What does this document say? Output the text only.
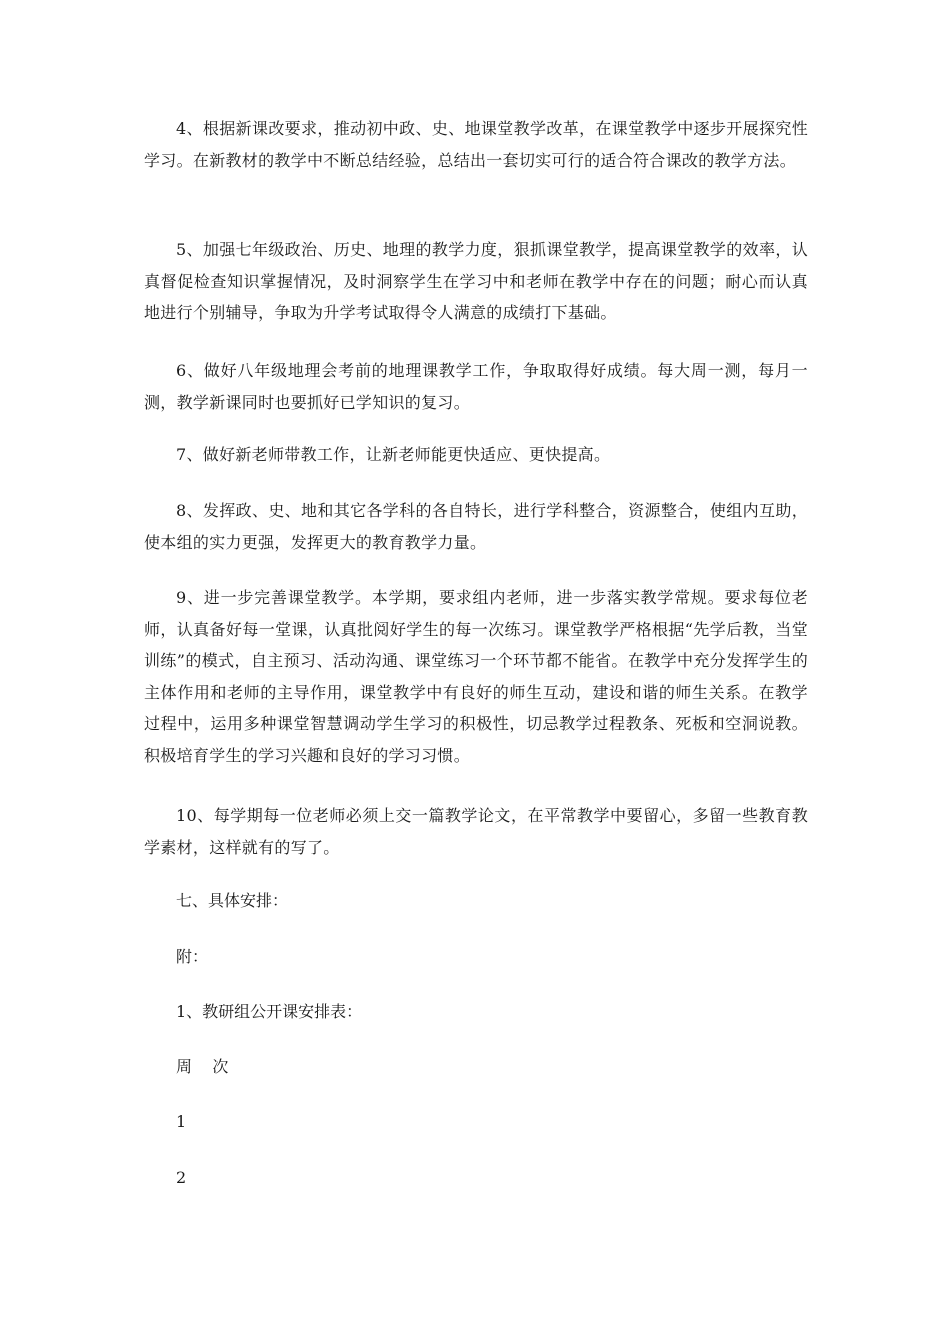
4、根据新课改要求，推动初中政、史、地课堂教学改革，在课堂教学中逐步开展探究性学习。在新教材的教学中不断总结经验，总结出一套切实可行的适合符合课改的教学方法。

5、加强七年级政治、历史、地理的教学力度，狠抓课堂教学，提高课堂教学的效率，认真督促检查知识掌握情况，及时洞察学生在学习中和老师在教学中存在的问题；耐心而认真地进行个别辅导，争取为升学考试取得令人满意的成绩打下基础。

6、做好八年级地理会考前的地理课教学工作，争取取得好成绩。每大周一测，每月一测，教学新课同时也要抓好已学知识的复习。

7、做好新老师带教工作，让新老师能更快适应、更快提高。

8、发挥政、史、地和其它各学科的各自特长，进行学科整合，资源整合，使组内互助，使本组的实力更强，发挥更大的教育教学力量。

9、进一步完善课堂教学。本学期，要求组内老师，进一步落实教学常规。要求每位老师，认真备好每一堂课，认真批阅好学生的每一次练习。课堂教学严格根据“先学后教，当堂训练”的模式，自主预习、活动沟通、课堂练习一个环节都不能省。在教学中充分发挥学生的主体作用和老师的主导作用，课堂教学中有良好的师生互动，建设和谐的师生关系。在教学过程中，运用多种课堂智慧调动学生学习的积极性，切忌教学过程教条、死板和空洞说教。积极培育学生的学习兴趣和良好的学习习惯。

10、每学期每一位老师必须上交一篇教学论文，在平常教学中要留心，多留一些教育教学素材，这样就有的写了。

七、具体安排：

附：

1、教研组公开课安排表：

周    次

1

2
